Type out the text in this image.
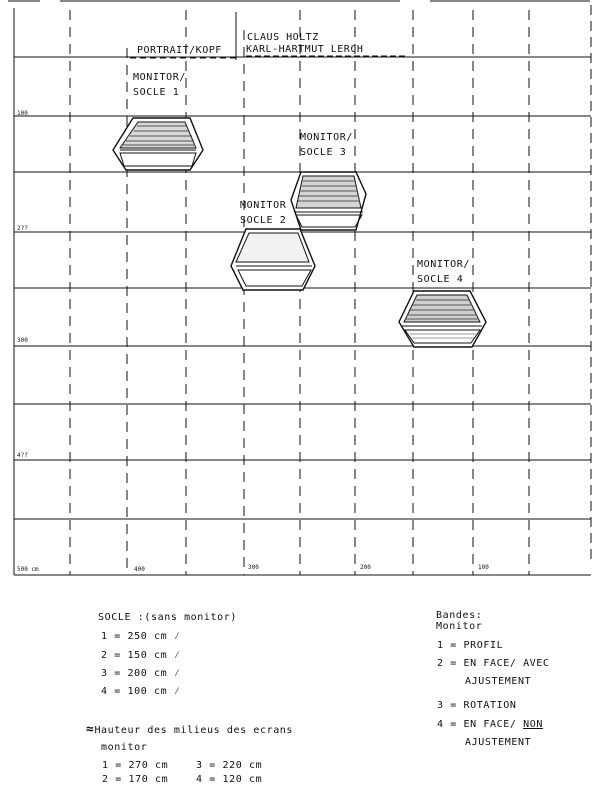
CLAUS HOLTZ
KARL-HARTMUT LERCH
PORTRAIT/KOPF
MONITOR/
SOCLE 1
MONITOR/
SOCLE 3
MONITOR
SOCLE 2
MONITOR/
SOCLE 4
100
2??
300
4??
500 cm	400	300	200	100
SOCLE :(sans monitor)
1 = 250 cm ⁄
2 = 150 cm ⁄
3 = 200 cm ⁄
4 = 100 cm ⁄
Bandes:
Monitor
1 = PROFIL
2 = EN FACE/ AVEC
AJUSTEMENT
3 = ROTATION
4 = EN FACE/ NON
AJUSTEMENT
≈Hauteur des milieus des ecrans
monitor
1 = 270 cm	3 = 220 cm
2 = 170 cm	4 = 120 cm
